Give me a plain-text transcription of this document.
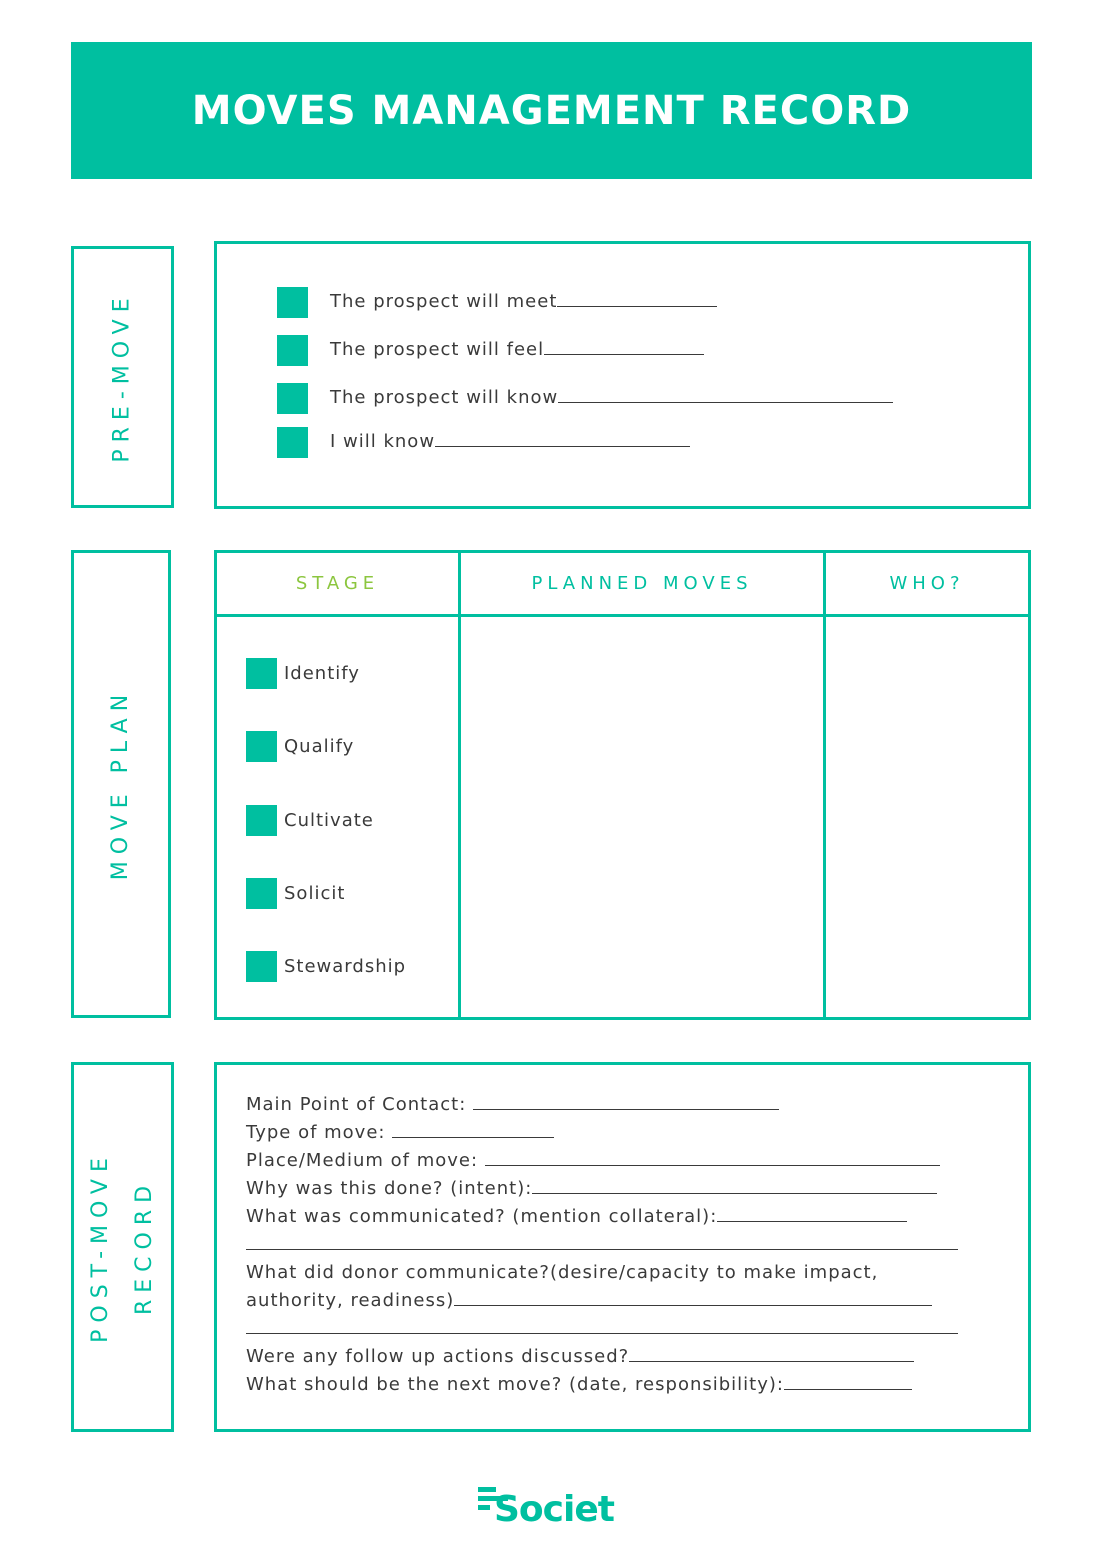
MOVES MANAGEMENT RECORD
PRE-MOVE	The prospect will meet
The prospect will feel
The prospect will know
I will know
MOVE PLAN
STAGE	PLANNED MOVES	WHO?
Identify
Qualify
Cultivate
Solicit
Stewardship
POST-MOVE RECORD
Main Point of Contact:
Type of move:
Place/Medium of move:
Why was this done? (intent):
What was communicated? (mention collateral):
What did donor communicate?(desire/capacity to make impact,
authority, readiness)
Were any follow up actions discussed?
What should be the next move? (date, responsibility):
Societ
